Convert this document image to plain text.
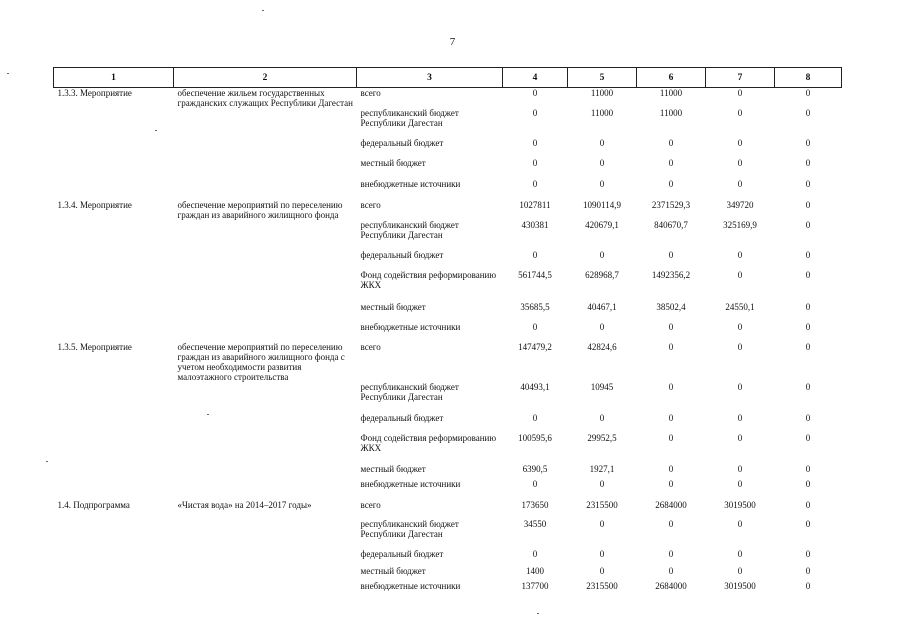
7
1	2	3	4	5	6	7	8
1.3.3. Мероприятие	обеспечение жильем государственных гражданских служащих Республики Дагестан	всего	0	11000	11000	0	0
		республиканский бюджет Республики Дагестан	0	11000	11000	0	0
		федеральный бюджет	0	0	0	0	0
		местный бюджет	0	0	0	0	0
		внебюджетные источники	0	0	0	0	0
1.3.4. Мероприятие	обеспечение мероприятий по переселению граждан из аварийного жилищного фонда	всего	1027811	1090114,9	2371529,3	349720	0
		республиканский бюджет Республики Дагестан	430381	420679,1	840670,7	325169,9	0
		федеральный бюджет	0	0	0	0	0
		Фонд содействия реформированию ЖКХ	561744,5	628968,7	1492356,2	0	0
		местный бюджет	35685,5	40467,1	38502,4	24550,1	0
		внебюджетные источники	0	0	0	0	0
1.3.5. Мероприятие	обеспечение мероприятий по переселению граждан из аварийного жилищного фонда с учетом необходимости развития малоэтажного строительства	всего	147479,2	42824,6	0	0	0
		республиканский бюджет Республики Дагестан	40493,1	10945	0	0	0
		федеральный бюджет	0	0	0	0	0
		Фонд содействия реформированию ЖКХ	100595,6	29952,5	0	0	0
		местный бюджет	6390,5	1927,1	0	0	0
		внебюджетные источники	0	0	0	0	0
1.4. Подпрограмма	«Чистая вода» на 2014–2017 годы»	всего	173650	2315500	2684000	3019500	0
		республиканский бюджет Республики Дагестан	34550	0	0	0	0
		федеральный бюджет	0	0	0	0	0
		местный бюджет	1400	0	0	0	0
		внебюджетные источники	137700	2315500	2684000	3019500	0
